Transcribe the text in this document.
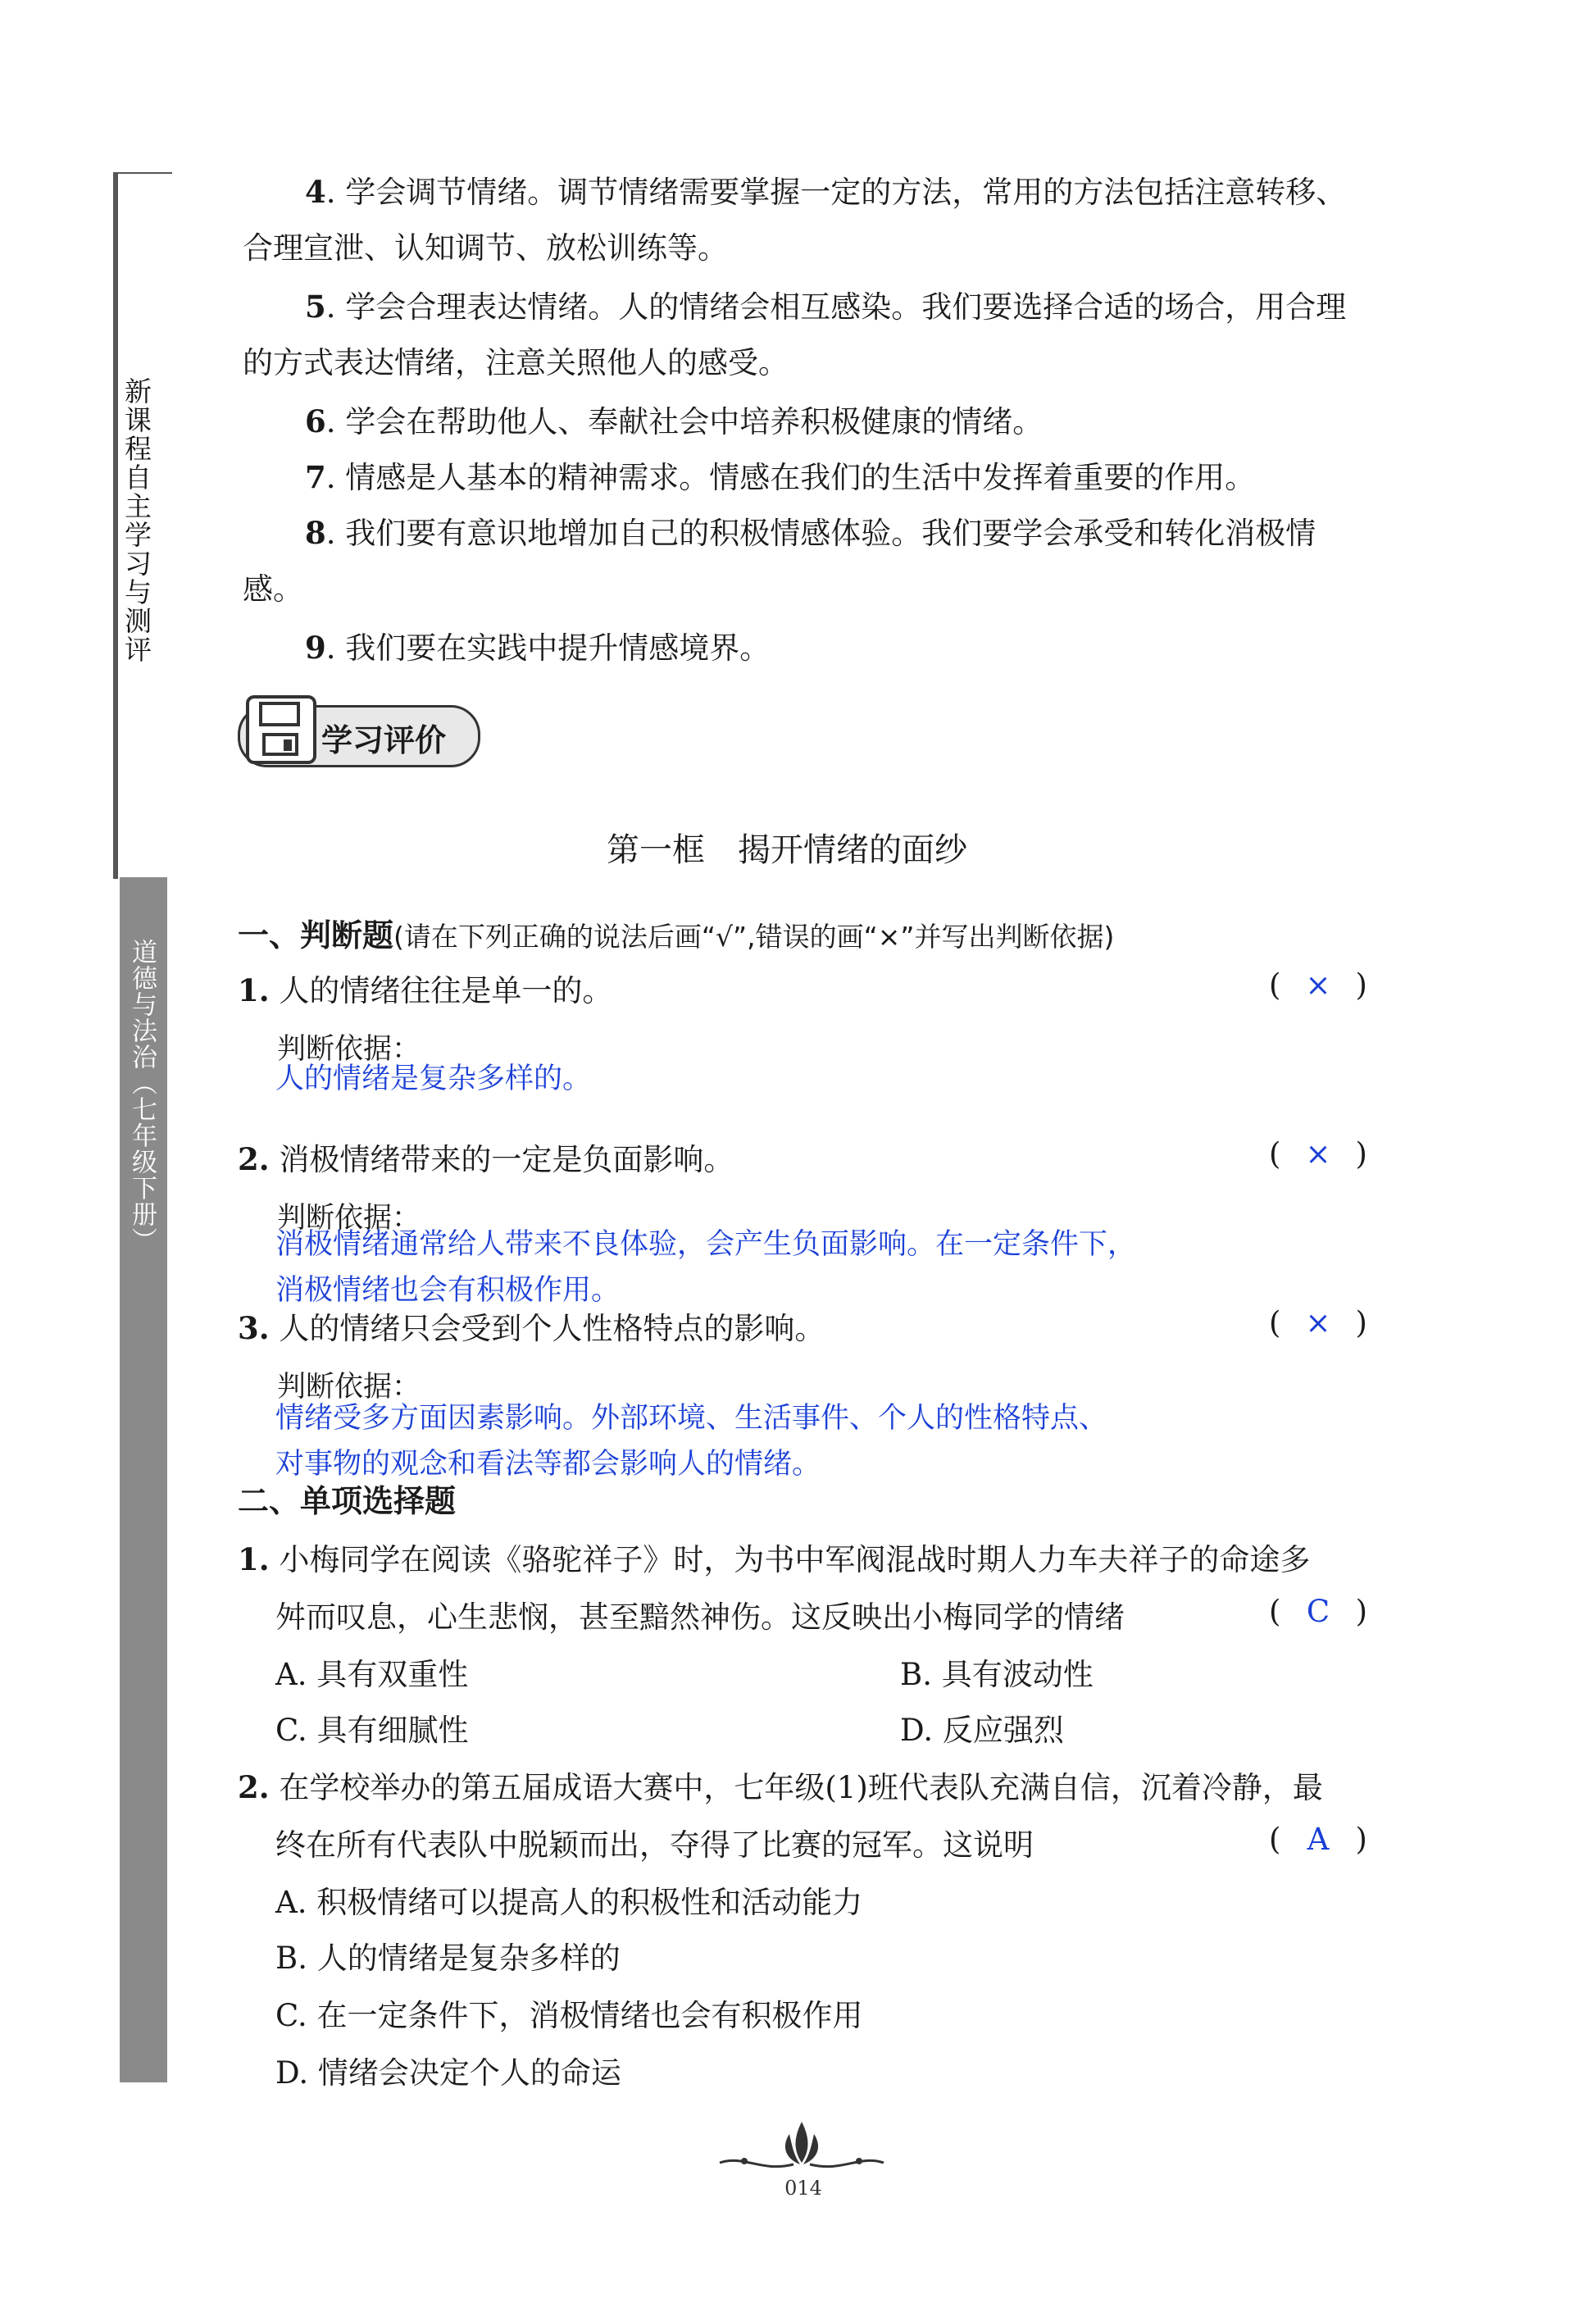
新课程自主学习与测评
道德与法治（七年级下册）
4. 学会调节情绪。调节情绪需要掌握一定的方法，常用的方法包括注意转移、合理宣泄、认知调节、放松训练等。
5. 学会合理表达情绪。人的情绪会相互感染。我们要选择合适的场合，用合理的方式表达情绪，注意关照他人的感受。
6. 学会在帮助他人、奉献社会中培养积极健康的情绪。
7. 情感是人基本的精神需求。情感在我们的生活中发挥着重要的作用。
8. 我们要有意识地增加自己的积极情感体验。我们要学会承受和转化消极情感。
9. 我们要在实践中提升情感境界。
学习评价
第一框　揭开情绪的面纱
一、判断题(请在下列正确的说法后画“√”,错误的画“×”并写出判断依据)
1. 人的情绪往往是单一的。	( × )
判断依据：
人的情绪是复杂多样的。
2. 消极情绪带来的一定是负面影响。	( × )
判断依据：
消极情绪通常给人带来不良体验，会产生负面影响。在一定条件下，
消极情绪也会有积极作用。
3. 人的情绪只会受到个人性格特点的影响。	( × )
判断依据：
情绪受多方面因素影响。外部环境、生活事件、个人的性格特点、
对事物的观念和看法等都会影响人的情绪。
二、单项选择题
1. 小梅同学在阅读《骆驼祥子》时，为书中军阀混战时期人力车夫祥子的命途多
舛而叹息，心生悲悯，甚至黯然神伤。这反映出小梅同学的情绪	( C )
A. 具有双重性	B. 具有波动性
C. 具有细腻性	D. 反应强烈
2. 在学校举办的第五届成语大赛中，七年级(1)班代表队充满自信，沉着冷静，最
终在所有代表队中脱颖而出，夺得了比赛的冠军。这说明	( A )
A. 积极情绪可以提高人的积极性和活动能力
B. 人的情绪是复杂多样的
C. 在一定条件下，消极情绪也会有积极作用
D. 情绪会决定个人的命运
014
